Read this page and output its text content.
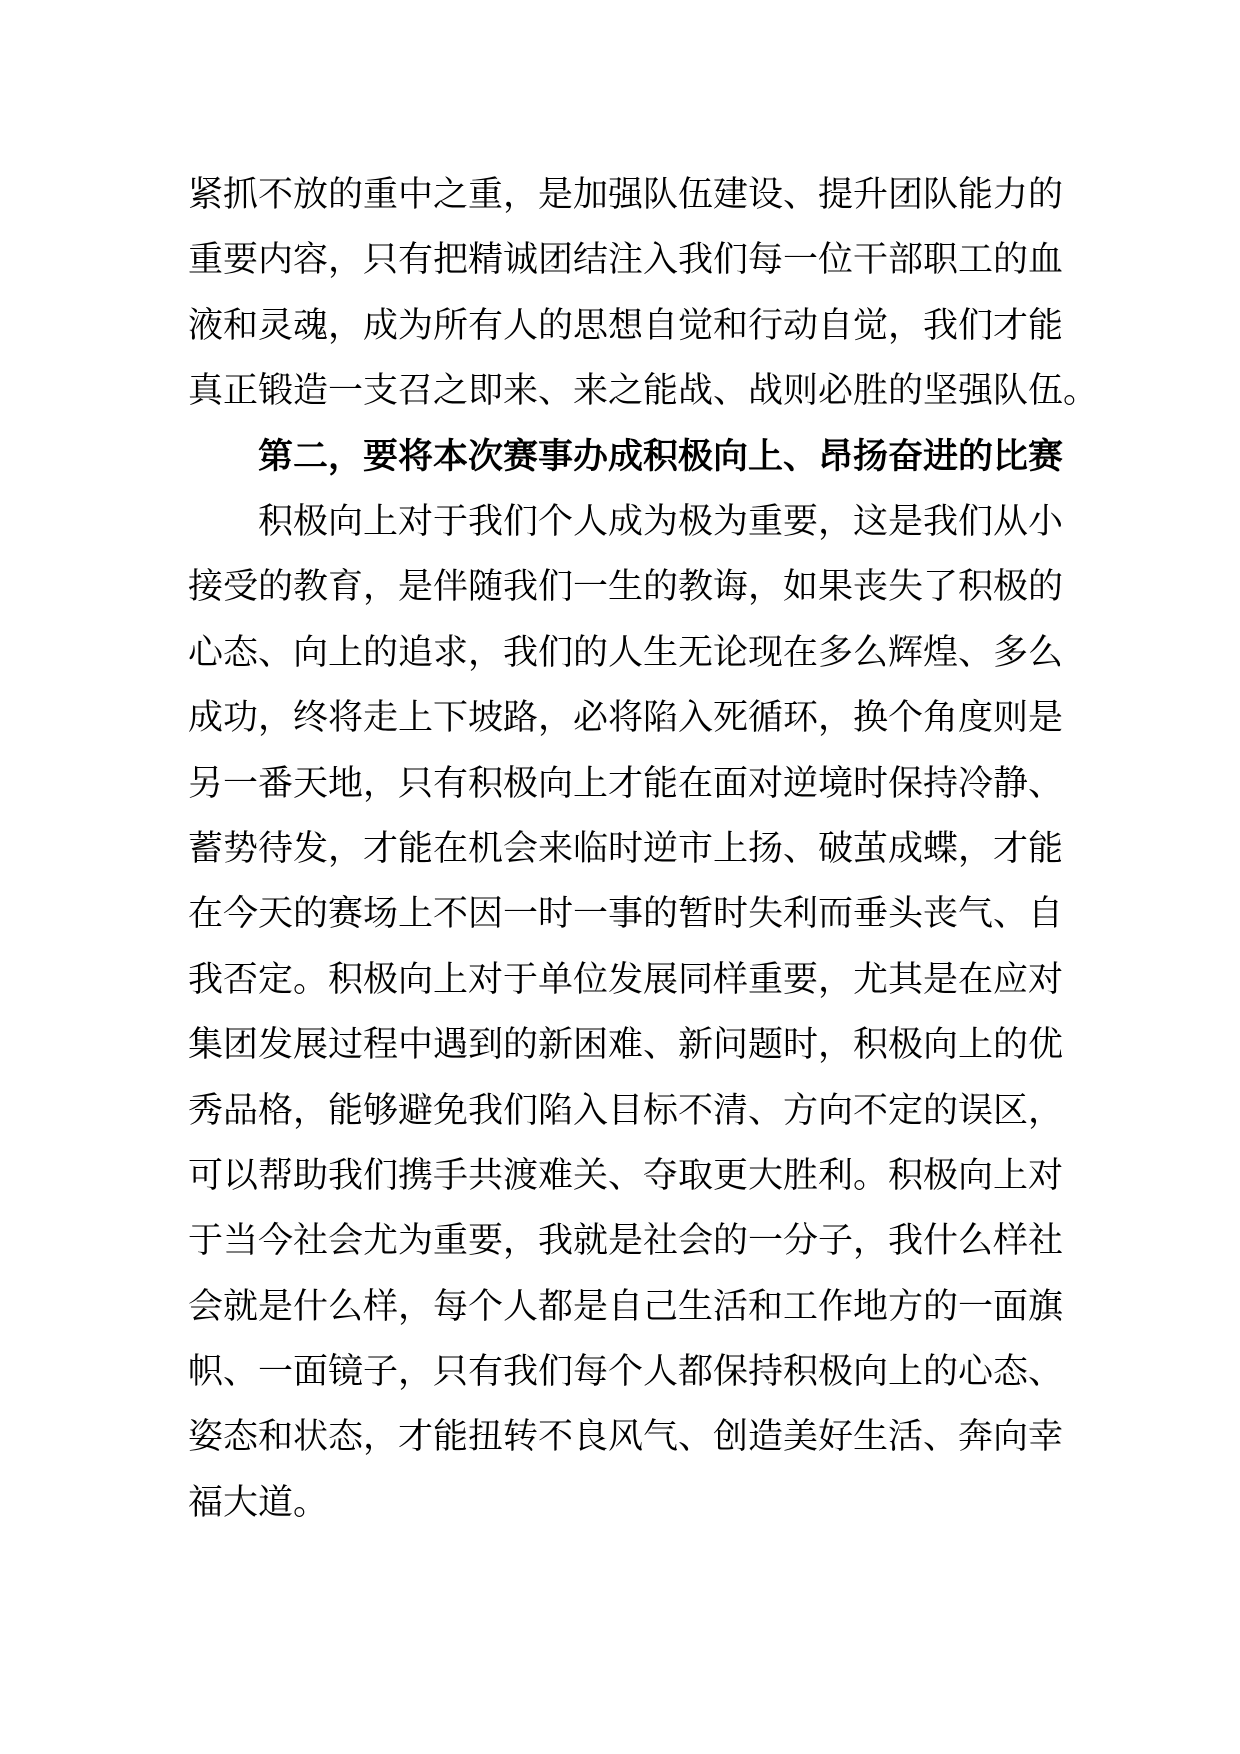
紧抓不放的重中之重，是加强队伍建设、提升团队能力的
重要内容，只有把精诚团结注入我们每一位干部职工的血
液和灵魂，成为所有人的思想自觉和行动自觉，我们才能
真正锻造一支召之即来、来之能战、战则必胜的坚强队伍。
第二，要将本次赛事办成积极向上、昂扬奋进的比赛
积极向上对于我们个人成为极为重要，这是我们从小
接受的教育，是伴随我们一生的教诲，如果丧失了积极的
心态、向上的追求，我们的人生无论现在多么辉煌、多么
成功，终将走上下坡路，必将陷入死循环，换个角度则是
另一番天地，只有积极向上才能在面对逆境时保持冷静、
蓄势待发，才能在机会来临时逆市上扬、破茧成蝶，才能
在今天的赛场上不因一时一事的暂时失利而垂头丧气、自
我否定。积极向上对于单位发展同样重要，尤其是在应对
集团发展过程中遇到的新困难、新问题时，积极向上的优
秀品格，能够避免我们陷入目标不清、方向不定的误区，
可以帮助我们携手共渡难关、夺取更大胜利。积极向上对
于当今社会尤为重要，我就是社会的一分子，我什么样社
会就是什么样，每个人都是自己生活和工作地方的一面旗
帜、一面镜子，只有我们每个人都保持积极向上的心态、
姿态和状态，才能扭转不良风气、创造美好生活、奔向幸
福大道。
